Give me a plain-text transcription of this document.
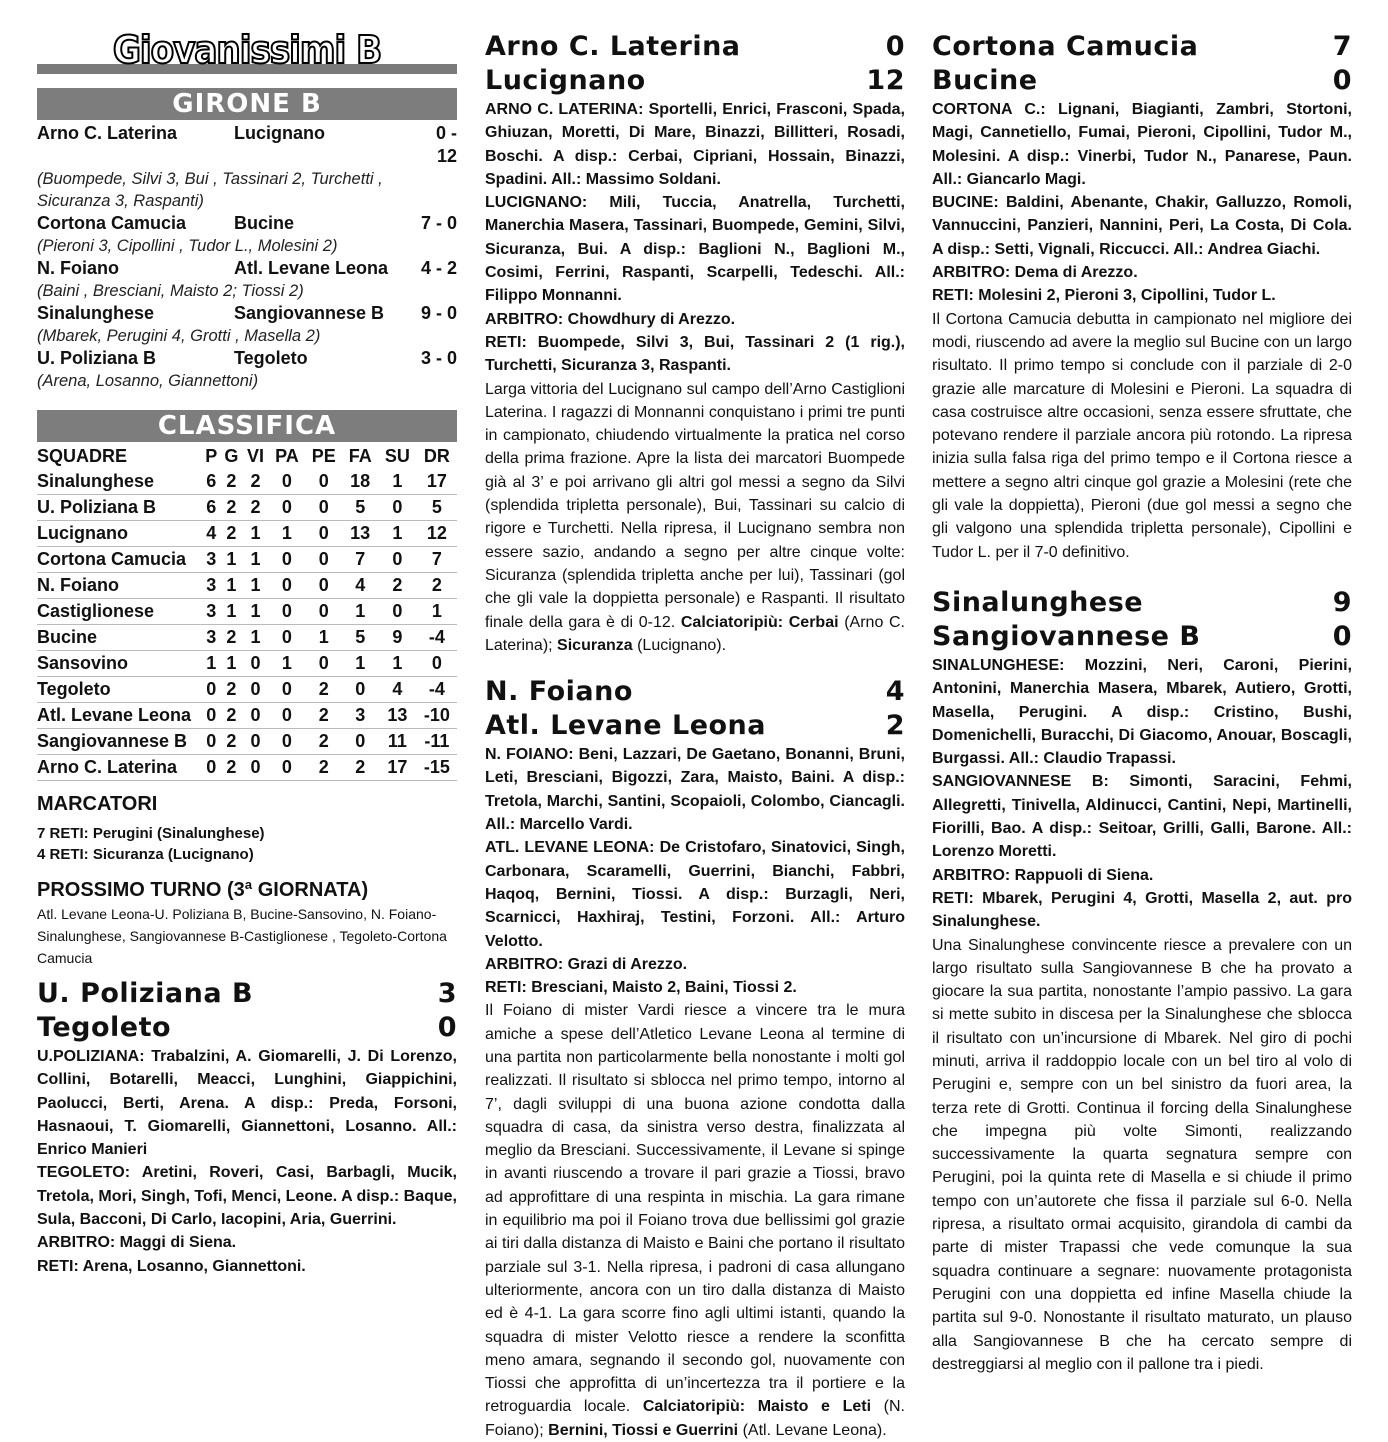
Giovanissimi B
GIRONE B
Arno C. Laterina	Lucignano	0 - 12
(Buompede, Silvi 3, Bui , Tassinari 2, Turchetti , Sicuranza 3, Raspanti)
Cortona Camucia	Bucine	7 - 0
(Pieroni 3, Cipollini , Tudor L., Molesini 2)
N. Foiano	Atl. Levane Leona	4 - 2
(Baini , Bresciani, Maisto 2; Tiossi 2)
Sinalunghese	Sangiovannese B	9 - 0
(Mbarek, Perugini 4, Grotti , Masella 2)
U. Poliziana B	Tegoleto	3 - 0
(Arena, Losanno, Giannettoni)
CLASSIFICA
SQUADRE	P	G	VI	PA	PE	FA	SU	DR
Sinalunghese	6	2	2	0	0	18	1	17
U. Poliziana B	6	2	2	0	0	5	0	5
Lucignano	4	2	1	1	0	13	1	12
Cortona Camucia	3	1	1	0	0	7	0	7
N. Foiano	3	1	1	0	0	4	2	2
Castiglionese	3	1	1	0	0	1	0	1
Bucine	3	2	1	0	1	5	9	-4
Sansovino	1	1	0	1	0	1	1	0
Tegoleto	0	2	0	0	2	0	4	-4
Atl. Levane Leona	0	2	0	0	2	3	13	-10
Sangiovannese B	0	2	0	0	2	0	11	-11
Arno C. Laterina	0	2	0	0	2	2	17	-15
MARCATORI
7 RETI: Perugini (Sinalunghese)
4 RETI: Sicuranza (Lucignano)
PROSSIMO TURNO (3ª GIORNATA)
Atl. Levane Leona-U. Poliziana B, Bucine-Sansovino, N. Foiano-Sinalunghese, Sangiovannese B-Castiglionese , Tegoleto-Cortona Camucia
U. Poliziana B	3
Tegoleto	0
U.POLIZIANA: Trabalzini, A. Giomarelli, J. Di Lorenzo, Collini, Botarelli, Meacci, Lunghini, Giappichini, Paolucci, Berti, Arena. A disp.: Preda, Forsoni, Hasnaoui, T. Giomarelli, Giannettoni, Losanno. All.: Enrico Manieri
TEGOLETO: Aretini, Roveri, Casi, Barbagli, Mucik, Tretola, Mori, Singh, Tofi, Menci, Leone. A disp.: Baque, Sula, Bacconi, Di Carlo, Iacopini, Aria, Guerrini.
ARBITRO: Maggi di Siena.
RETI: Arena, Losanno, Giannettoni.
Arno C. Laterina	0
Lucignano	12
ARNO C. LATERINA: Sportelli, Enrici, Frasconi, Spada, Ghiuzan, Moretti, Di Mare, Binazzi, Billitteri, Rosadi, Boschi. A disp.: Cerbai, Cipriani, Hossain, Binazzi, Spadini. All.: Massimo Soldani.
LUCIGNANO: Mili, Tuccia, Anatrella, Turchetti, Manerchia Masera, Tassinari, Buompede, Gemini, Silvi, Sicuranza, Bui. A disp.: Baglioni N., Baglioni M., Cosimi, Ferrini, Raspanti, Scarpelli, Tedeschi. All.: Filippo Monnanni.
ARBITRO: Chowdhury di Arezzo.
RETI: Buompede, Silvi 3, Bui, Tassinari 2 (1 rig.), Turchetti, Sicuranza 3, Raspanti.
Larga vittoria del Lucignano sul campo dell’Arno Castiglioni Laterina. I ragazzi di Monnanni conquistano i primi tre punti in campionato, chiudendo virtualmente la pratica nel corso della prima frazione. Apre la lista dei marcatori Buompede già al 3’ e poi arrivano gli altri gol messi a segno da Silvi (splendida tripletta personale), Bui, Tassinari su calcio di rigore e Turchetti. Nella ripresa, il Lucignano sembra non essere sazio, andando a segno per altre cinque volte: Sicuranza (splendida tripletta anche per lui), Tassinari (gol che gli vale la doppietta personale) e Raspanti. Il risultato finale della gara è di 0-12. Calciatoripiù: Cerbai (Arno C. Laterina); Sicuranza (Lucignano).
N. Foiano	4
Atl. Levane Leona	2
N. FOIANO: Beni, Lazzari, De Gaetano, Bonanni, Bruni, Leti, Bresciani, Bigozzi, Zara, Maisto, Baini. A disp.: Tretola, Marchi, Santini, Scopaioli, Colombo, Ciancagli. All.: Marcello Vardi.
ATL. LEVANE LEONA: De Cristofaro, Sinatovici, Singh, Carbonara, Scaramelli, Guerrini, Bianchi, Fabbri, Haqoq, Bernini, Tiossi. A disp.: Burzagli, Neri, Scarnicci, Haxhiraj, Testini, Forzoni. All.: Arturo Velotto.
ARBITRO: Grazi di Arezzo.
RETI: Bresciani, Maisto 2, Baini, Tiossi 2.
Il Foiano di mister Vardi riesce a vincere tra le mura amiche a spese dell’Atletico Levane Leona al termine di una partita non particolarmente bella nonostante i molti gol realizzati. Il risultato si sblocca nel primo tempo, intorno al 7’, dagli sviluppi di una buona azione condotta dalla squadra di casa, da sinistra verso destra, finalizzata al meglio da Bresciani. Successivamente, il Levane si spinge in avanti riuscendo a trovare il pari grazie a Tiossi, bravo ad approfittare di una respinta in mischia. La gara rimane in equilibrio ma poi il Foiano trova due bellissimi gol grazie ai tiri dalla distanza di Maisto e Baini che portano il risultato parziale sul 3-1. Nella ripresa, i padroni di casa allungano ulteriormente, ancora con un tiro dalla distanza di Maisto ed è 4-1. La gara scorre fino agli ultimi istanti, quando la squadra di mister Velotto riesce a rendere la sconfitta meno amara, segnando il secondo gol, nuovamente con Tiossi che approfitta di un’incertezza tra il portiere e la retroguardia locale. Calciatoripiù: Maisto e Leti (N. Foiano); Bernini, Tiossi e Guerrini (Atl. Levane Leona).
Cortona Camucia	7
Bucine	0
CORTONA C.: Lignani, Biagianti, Zambri, Stortoni, Magi, Cannetiello, Fumai, Pieroni, Cipollini, Tudor M., Molesini. A disp.: Vinerbi, Tudor N., Panarese, Paun. All.: Giancarlo Magi.
BUCINE: Baldini, Abenante, Chakir, Galluzzo, Romoli, Vannuccini, Panzieri, Nannini, Peri, La Costa, Di Cola. A disp.: Setti, Vignali, Riccucci. All.: Andrea Giachi.
ARBITRO: Dema di Arezzo.
RETI: Molesini 2, Pieroni 3, Cipollini, Tudor L.
Il Cortona Camucia debutta in campionato nel migliore dei modi, riuscendo ad avere la meglio sul Bucine con un largo risultato. Il primo tempo si conclude con il parziale di 2-0 grazie alle marcature di Molesini e Pieroni. La squadra di casa costruisce altre occasioni, senza essere sfruttate, che potevano rendere il parziale ancora più rotondo. La ripresa inizia sulla falsa riga del primo tempo e il Cortona riesce a mettere a segno altri cinque gol grazie a Molesini (rete che gli vale la doppietta), Pieroni (due gol messi a segno che gli valgono una splendida tripletta personale), Cipollini e Tudor L. per il 7-0 definitivo.
Sinalunghese	9
Sangiovannese B	0
SINALUNGHESE: Mozzini, Neri, Caroni, Pierini, Antonini, Manerchia Masera, Mbarek, Autiero, Grotti, Masella, Perugini. A disp.: Cristino, Bushi, Domenichelli, Buracchi, Di Giacomo, Anouar, Boscagli, Burgassi. All.: Claudio Trapassi.
SANGIOVANNESE B: Simonti, Saracini, Fehmi, Allegretti, Tinivella, Aldinucci, Cantini, Nepi, Martinelli, Fiorilli, Bao. A disp.: Seitoar, Grilli, Galli, Barone. All.: Lorenzo Moretti.
ARBITRO: Rappuoli di Siena.
RETI: Mbarek, Perugini 4, Grotti, Masella 2, aut. pro Sinalunghese.
Una Sinalunghese convincente riesce a prevalere con un largo risultato sulla Sangiovannese B che ha provato a giocare la sua partita, nonostante l’ampio passivo. La gara si mette subito in discesa per la Sinalunghese che sblocca il risultato con un’incursione di Mbarek. Nel giro di pochi minuti, arriva il raddoppio locale con un bel tiro al volo di Perugini e, sempre con un bel sinistro da fuori area, la terza rete di Grotti. Continua il forcing della Sinalunghese che impegna più volte Simonti, realizzando successivamente la quarta segnatura sempre con Perugini, poi la quinta rete di Masella e si chiude il primo tempo con un’autorete che fissa il parziale sul 6-0. Nella ripresa, a risultato ormai acquisito, girandola di cambi da parte di mister Trapassi che vede comunque la sua squadra continuare a segnare: nuovamente protagonista Perugini con una doppietta ed infine Masella chiude la partita sul 9-0. Nonostante il risultato maturato, un plauso alla Sangiovannese B che ha cercato sempre di destreggiarsi al meglio con il pallone tra i piedi.
